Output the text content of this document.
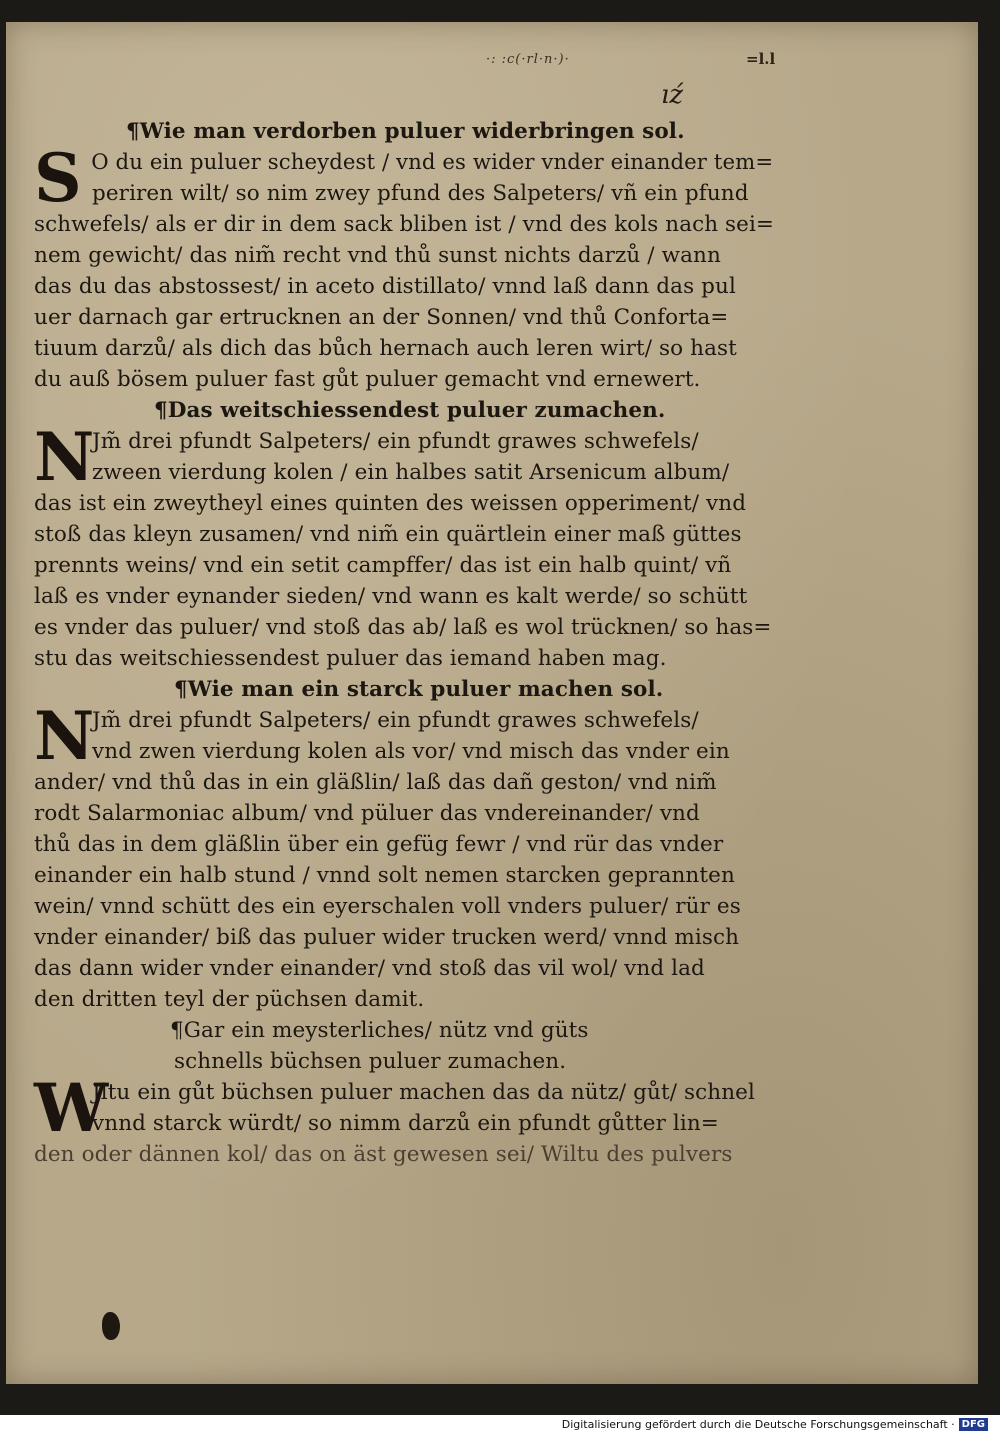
·: :c(·rl·n·)·	=l.l
ıź
¶Wie man verdorben puluer widerbringen sol.
S O du ein puluer scheydest / vnd es wider vnder einander tem=
periren wilt/ so nim zwey pfund des Salpeters/ vñ ein pfund
schwefels/ als er dir in dem sack bliben ist / vnd des kols nach sei=
nem gewicht/ das nim̃ recht vnd thů sunst nichts darzů / wann
das du das abstossest/ in aceto distillato/ vnnd laß dann das pul
uer darnach gar ertrucknen an der Sonnen/ vnd thů Conforta=
tiuum darzů/ als dich das bůch hernach auch leren wirt/ so hast
du auß bösem puluer fast gůt puluer gemacht vnd ernewert.
¶Das weitschiessendest puluer zumachen.
N
Jm̃ drei pfundt Salpeters/ ein pfundt grawes schwefels/
zween vierdung kolen / ein halbes satit Arsenicum album/
das ist ein zweytheyl eines quinten des weissen opperiment/ vnd
stoß das kleyn zusamen/ vnd nim̃ ein quärtlein einer maß güttes
prennts weins/ vnd ein setit campffer/ das ist ein halb quint/ vñ
laß es vnder eynander sieden/ vnd wann es kalt werde/ so schütt
es vnder das puluer/ vnd stoß das ab/ laß es wol trücknen/ so has=
stu das weitschiessendest puluer das iemand haben mag.
¶Wie man ein starck puluer machen sol.
N
Jm̃ drei pfundt Salpeters/ ein pfundt grawes schwefels/
vnd zwen vierdung kolen als vor/ vnd misch das vnder ein
ander/ vnd thů das in ein gläßlin/ laß das dañ geston/ vnd nim̃
rodt Salarmoniac album/ vnd püluer das vndereinander/ vnd
thů das in dem gläßlin über ein gefüg fewr / vnd rür das vnder
einander ein halb stund / vnnd solt nemen starcken geprannten
wein/ vnnd schütt des ein eyerschalen voll vnders puluer/ rür es
vnder einander/ biß das puluer wider trucken werd/ vnnd misch
das dann wider vnder einander/ vnd stoß das vil wol/ vnd lad
den dritten teyl der püchsen damit.
¶Gar ein meysterliches/ nütz vnd güts
schnells büchsen puluer zumachen.
W
Jltu ein gůt büchsen puluer machen das da nütz/ gůt/ schnel
vnnd starck würdt/ so nimm darzů ein pfundt gůtter lin=
den oder dännen kol/ das on äst gewesen sei/ Wiltu des pulvers
Digitalisierung gefördert durch die Deutsche Forschungsgemeinschaft · DFG
